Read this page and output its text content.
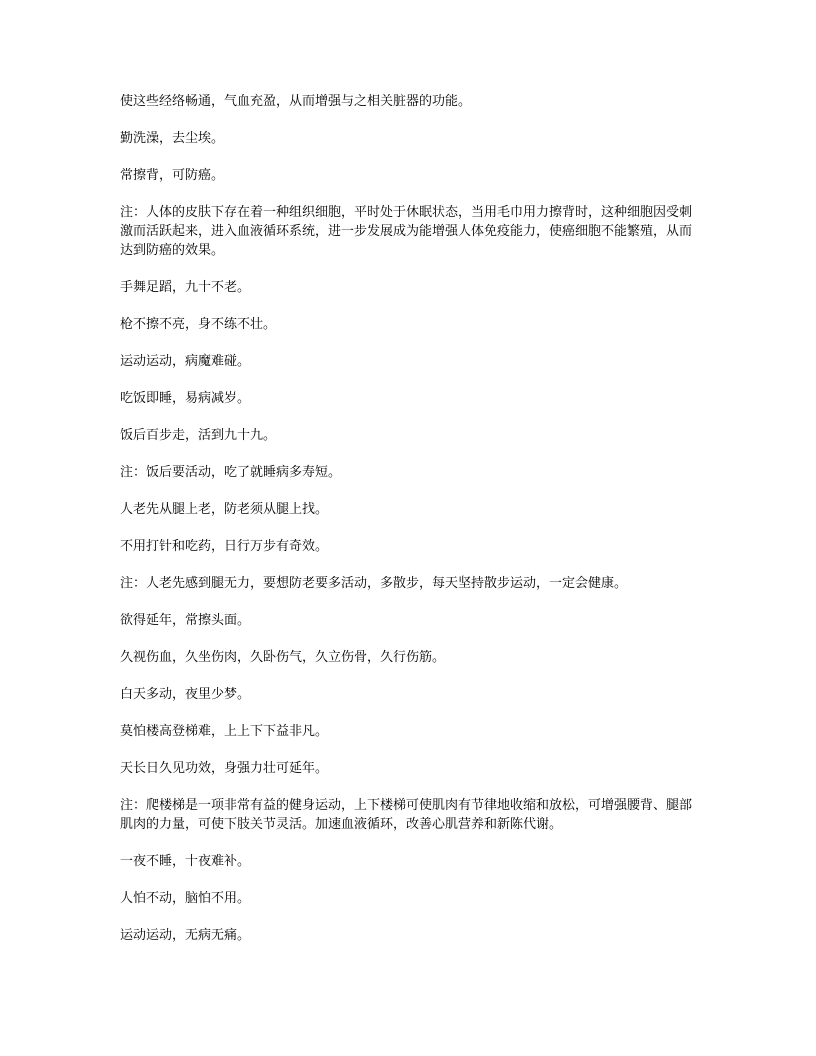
使这些经络畅通，气血充盈，从而增强与之相关脏器的功能。

勤洗澡，去尘埃。

常擦背，可防癌。

注：人体的皮肤下存在着一种组织细胞，平时处于休眠状态，当用毛巾用力擦背时，这种细胞因受刺激而活跃起来，进入血液循环系统，进一步发展成为能增强人体免疫能力，使癌细胞不能繁殖，从而达到防癌的效果。

手舞足蹈，九十不老。

枪不擦不亮，身不练不壮。

运动运动，病魔难碰。

吃饭即睡，易病减岁。

饭后百步走，活到九十九。

注：饭后要活动，吃了就睡病多寿短。

人老先从腿上老，防老须从腿上找。

不用打针和吃药，日行万步有奇效。

注：人老先感到腿无力，要想防老要多活动，多散步，每天坚持散步运动，一定会健康。

欲得延年，常擦头面。

久视伤血，久坐伤肉，久卧伤气，久立伤骨，久行伤筋。

白天多动，夜里少梦。

莫怕楼高登梯难，上上下下益非凡。

天长日久见功效，身强力壮可延年。

注：爬楼梯是一项非常有益的健身运动，上下楼梯可使肌肉有节律地收缩和放松，可增强腰背、腿部肌肉的力量，可使下肢关节灵活。加速血液循环，改善心肌营养和新陈代谢。

一夜不睡，十夜难补。

人怕不动，脑怕不用。

运动运动，无病无痛。
